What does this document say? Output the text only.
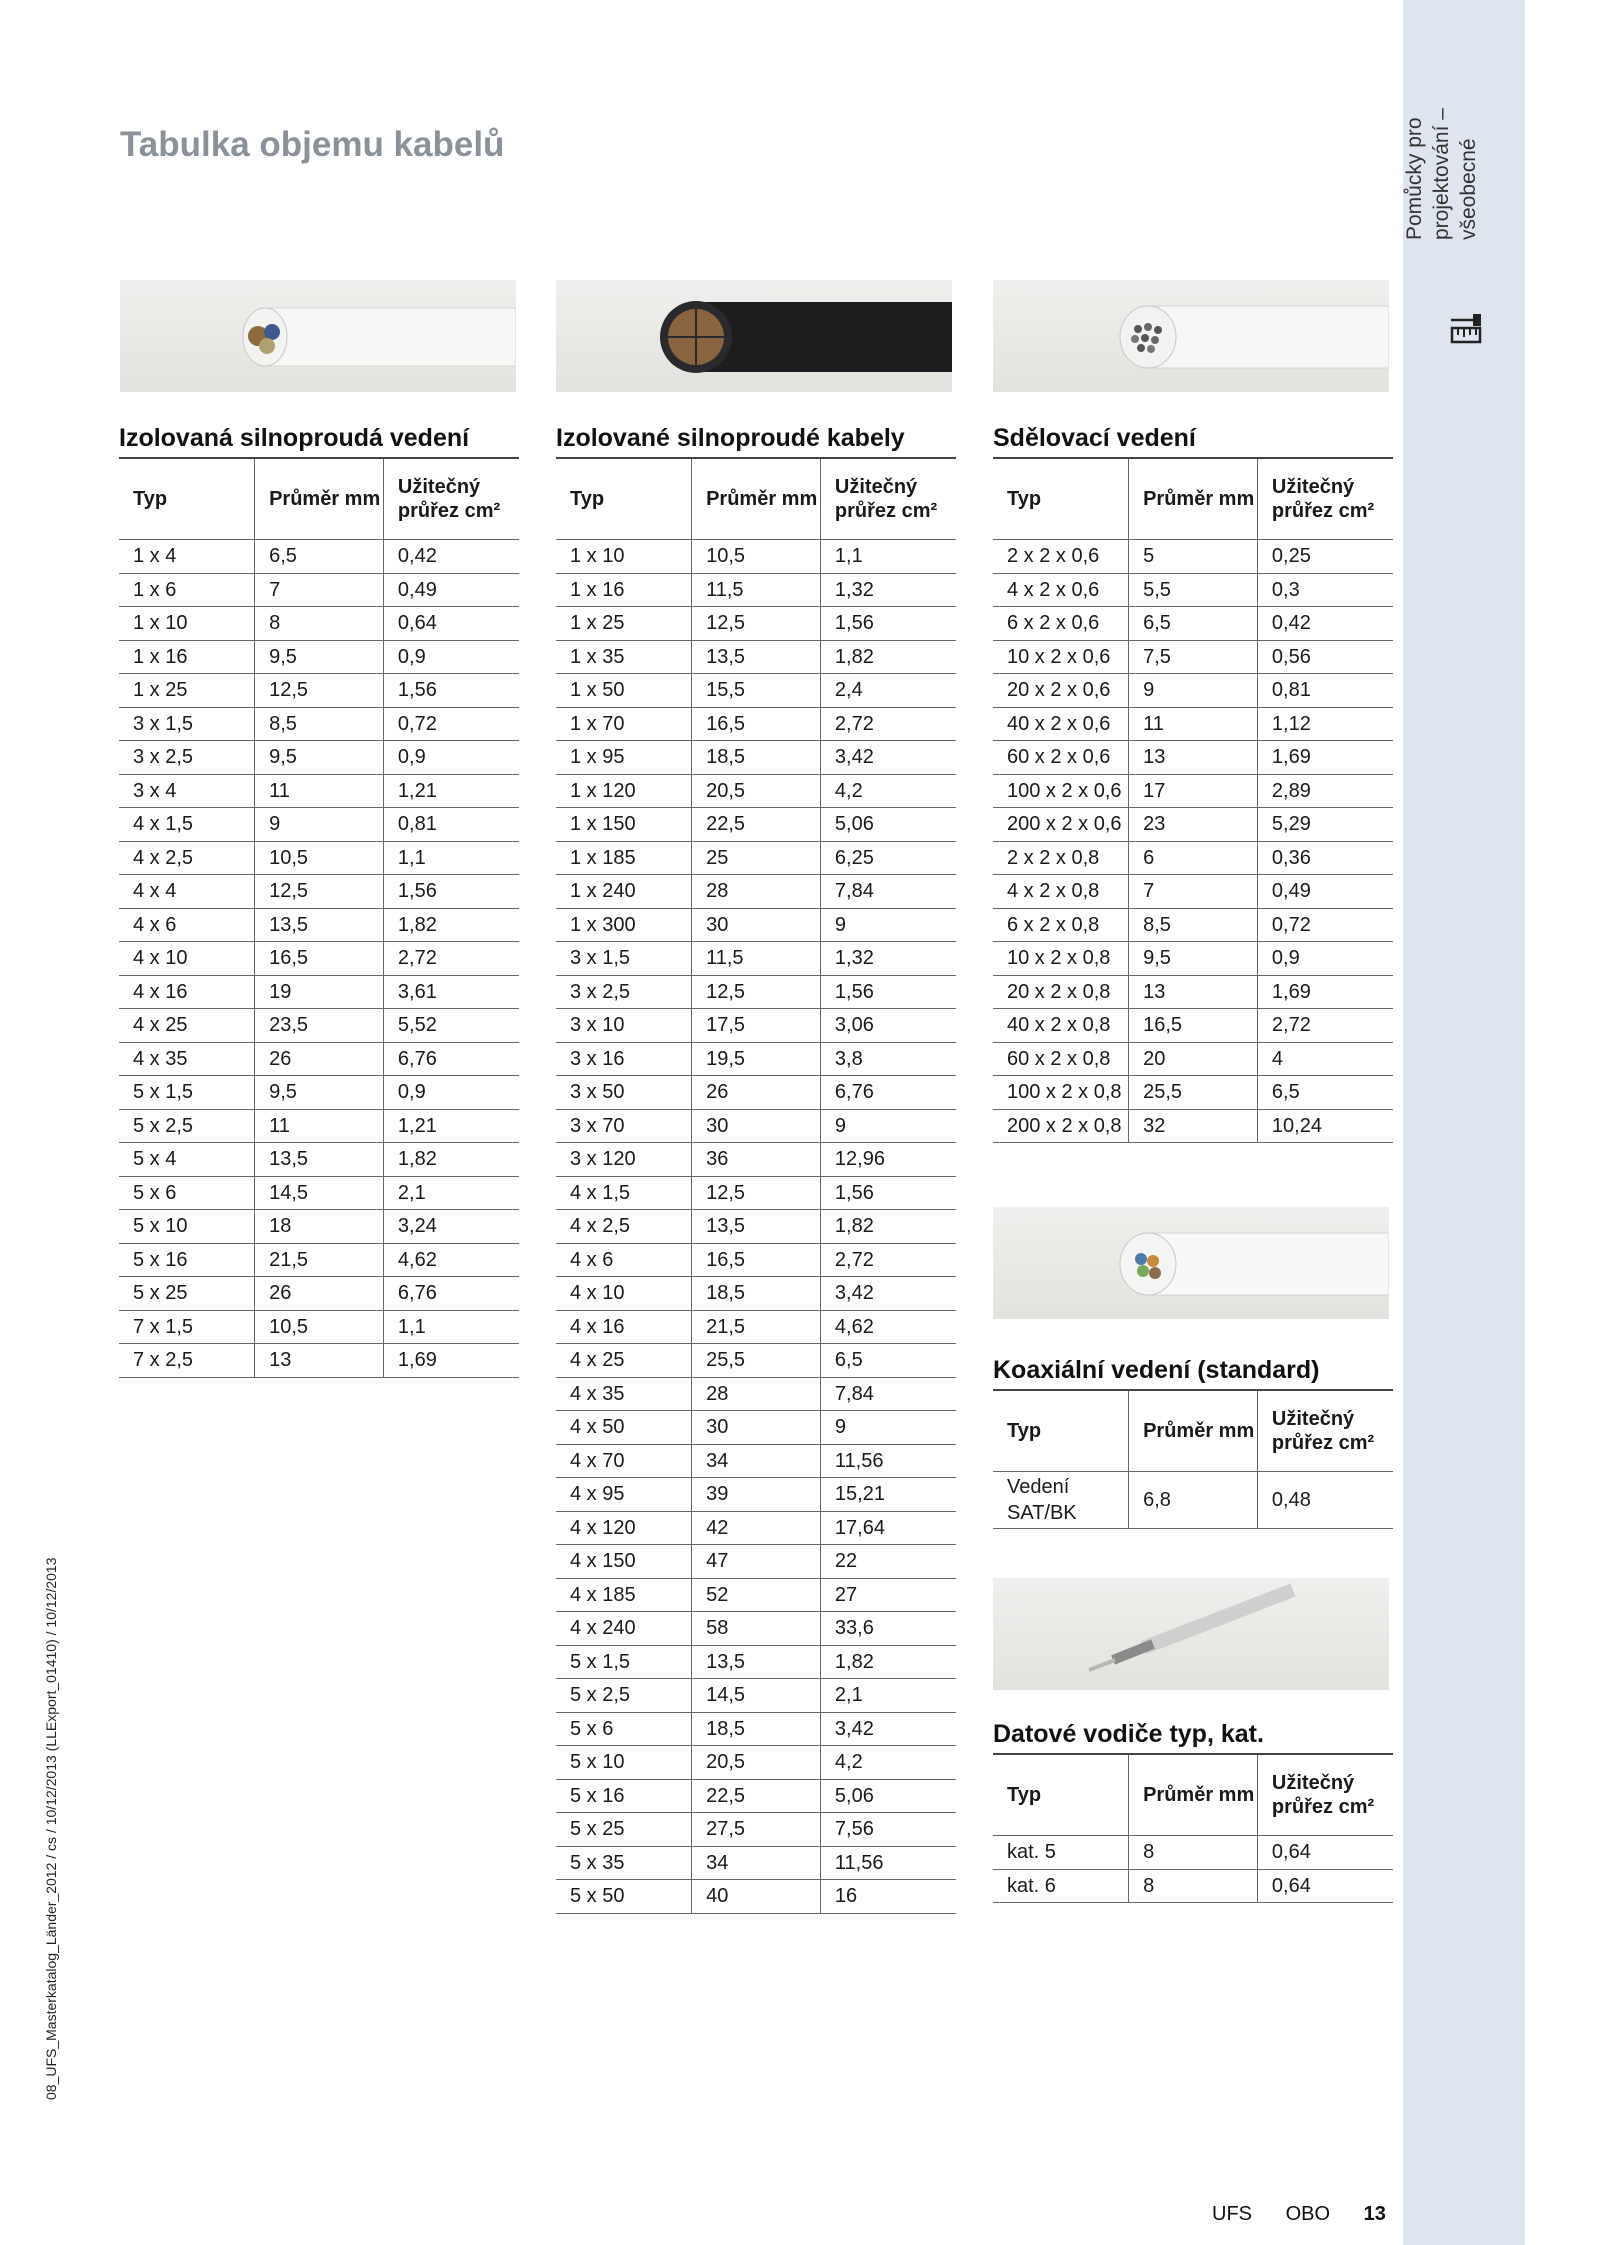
Tabulka objemu kabelů	Pomůcky pro projektování – všeobecné
08_UFS_Masterkatalog_Länder_2012 / cs / 10/12/2013 (LLExport_01410) / 10/12/2013
Izolovaná silnoproudá vedení
Typ	Průměr mm	Užitečný průřez cm²
1 x 4	6,5	0,42
1 x 6	7	0,49
1 x 10	8	0,64
1 x 16	9,5	0,9
1 x 25	12,5	1,56
3 x 1,5	8,5	0,72
3 x 2,5	9,5	0,9
3 x 4	11	1,21
4 x 1,5	9	0,81
4 x 2,5	10,5	1,1
4 x 4	12,5	1,56
4 x 6	13,5	1,82
4 x 10	16,5	2,72
4 x 16	19	3,61
4 x 25	23,5	5,52
4 x 35	26	6,76
5 x 1,5	9,5	0,9
5 x 2,5	11	1,21
5 x 4	13,5	1,82
5 x 6	14,5	2,1
5 x 10	18	3,24
5 x 16	21,5	4,62
5 x 25	26	6,76
7 x 1,5	10,5	1,1
7 x 2,5	13	1,69
Izolované silnoproudé kabely
Typ	Průměr mm	Užitečný průřez cm²
1 x 10	10,5	1,1
1 x 16	11,5	1,32
1 x 25	12,5	1,56
1 x 35	13,5	1,82
1 x 50	15,5	2,4
1 x 70	16,5	2,72
1 x 95	18,5	3,42
1 x 120	20,5	4,2
1 x 150	22,5	5,06
1 x 185	25	6,25
1 x 240	28	7,84
1 x 300	30	9
3 x 1,5	11,5	1,32
3 x 2,5	12,5	1,56
3 x 10	17,5	3,06
3 x 16	19,5	3,8
3 x 50	26	6,76
3 x 70	30	9
3 x 120	36	12,96
4 x 1,5	12,5	1,56
4 x 2,5	13,5	1,82
4 x 6	16,5	2,72
4 x 10	18,5	3,42
4 x 16	21,5	4,62
4 x 25	25,5	6,5
4 x 35	28	7,84
4 x 50	30	9
4 x 70	34	11,56
4 x 95	39	15,21
4 x 120	42	17,64
4 x 150	47	22
4 x 185	52	27
4 x 240	58	33,6
5 x 1,5	13,5	1,82
5 x 2,5	14,5	2,1
5 x 6	18,5	3,42
5 x 10	20,5	4,2
5 x 16	22,5	5,06
5 x 25	27,5	7,56
5 x 35	34	11,56
5 x 50	40	16
Sdělovací vedení
Typ	Průměr mm	Užitečný průřez cm²
2 x 2 x 0,6	5	0,25
4 x 2 x 0,6	5,5	0,3
6 x 2 x 0,6	6,5	0,42
10 x 2 x 0,6	7,5	0,56
20 x 2 x 0,6	9	0,81
40 x 2 x 0,6	11	1,12
60 x 2 x 0,6	13	1,69
100 x 2 x 0,6	17	2,89
200 x 2 x 0,6	23	5,29
2 x 2 x 0,8	6	0,36
4 x 2 x 0,8	7	0,49
6 x 2 x 0,8	8,5	0,72
10 x 2 x 0,8	9,5	0,9
20 x 2 x 0,8	13	1,69
40 x 2 x 0,8	16,5	2,72
60 x 2 x 0,8	20	4
100 x 2 x 0,8	25,5	6,5
200 x 2 x 0,8	32	10,24
Koaxiální vedení (standard)
Typ	Průměr mm	Užitečný průřez cm²
Vedení SAT/BK	6,8	0,48
Datové vodiče typ, kat.
Typ	Průměr mm	Užitečný průřez cm²
kat. 5	8	0,64
kat. 6	8	0,64
UFS OBO 13
